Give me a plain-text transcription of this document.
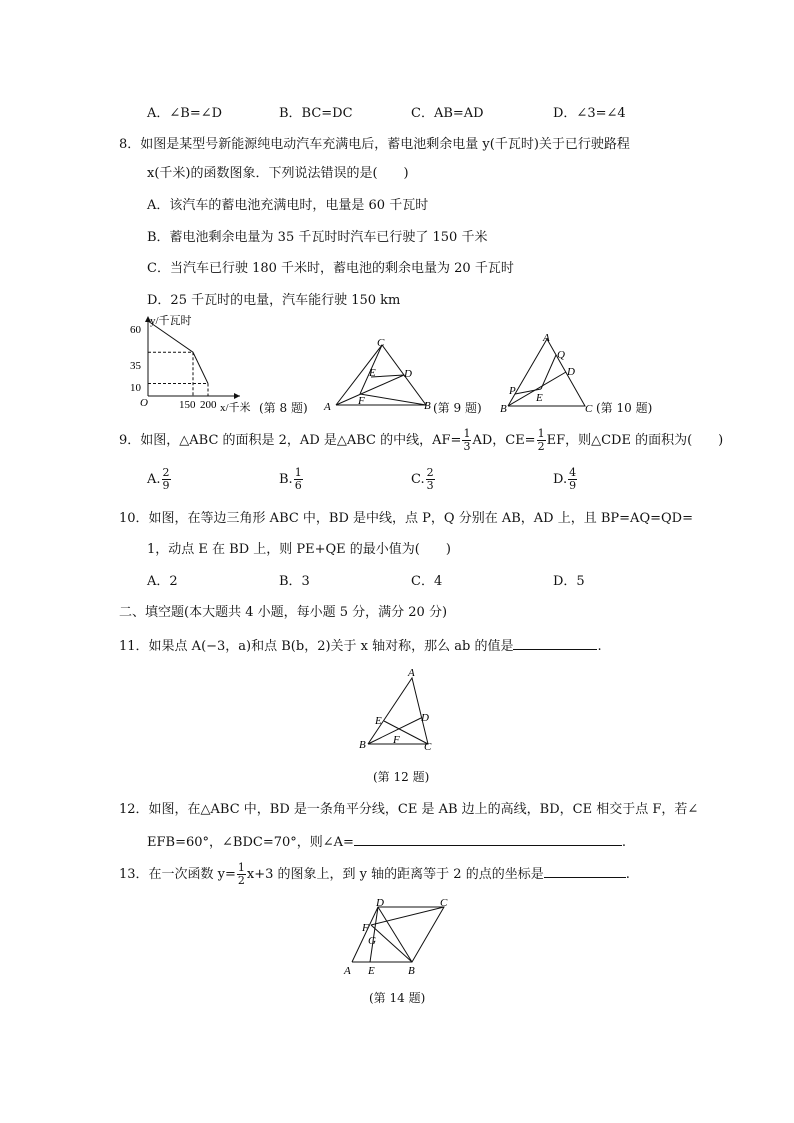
A．∠B=∠D	B．BC=DC	C．AB=AD	D．∠3=∠4
8．如图是某型号新能源纯电动汽车充满电后，蓄电池剩余电量 y(千瓦时)关于已行驶路程
x(千米)的函数图象．下列说法错误的是(　　)
A．该汽车的蓄电池充满电时，电量是 60 千瓦时
B．蓄电池剩余电量为 35 千瓦时时汽车已行驶了 150 千米
C．当汽车已行驶 180 千米时，蓄电池的剩余电量为 20 千瓦时
D．25 千瓦时的电量，汽车能行驶 150 km
y/千瓦时
60
35
10
O	150 200 x/千米 (第 8 题) A	B
C
D
E
F	(第 9 题)
A
B	C
D
E
P
Q
(第 10 题)
9．如图，△ABC 的面积是 2，AD 是△ABC 的中线，$AF= \frac{1}{3}$ AD，$CE= \frac{1}{2}$ EF，则△CDE 的面积为(　　)
A. $\frac{2}{9}$	B. $\frac{1}{6}$	C. $\frac{2}{3}$	D. $\frac{4}{9}$
10．如图，在等边三角形 ABC 中，BD 是中线，点 P，Q 分别在 AB，AD 上，且 BP=AQ=QD=
1，动点 E 在 BD 上，则 PE+QE 的最小值为(　　)
A．2	B．3	C．4	D．5
二、填空题(本大题共 4 小题，每小题 5 分，满分 20 分)
11．如果点 A(−3，a)和点 B(b，2)关于 x 轴对称，那么 ab 的值是	.
A
B	C
D
E
F
(第 12 题)
12．如图，在△ABC 中，BD 是一条角平分线，CE 是 AB 边上的高线，BD，CE 相交于点 F，若∠
EFB=60°，∠BDC=70°，则∠A=	.
13．在一次函数 $y= \frac{1}{2} x+3$ 的图象上，到 y 轴的距离等于 2 的点的坐标是	.
A	B
C
D
E
F
G
(第 14 题)
